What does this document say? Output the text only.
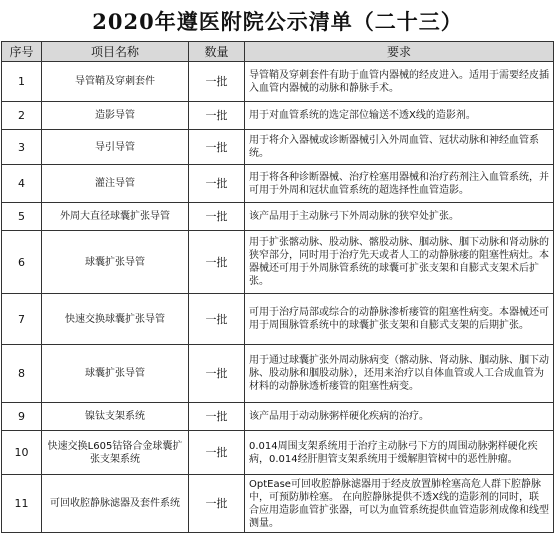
2020年遵医附院公示清单（二十三）
序号	项目名称	数量	要求
1	导管鞘及穿刺套件	一批	导管鞘及穿刺套件有助于血管内器械的经皮进入。适用于需要经皮插入血管内器械的动脉和静脉手术。
2	造影导管	一批	用于对血管系统的选定部位输送不透X线的造影剂。
3	导引导管	一批	用于将介入器械或诊断器械引入外周血管、冠状动脉和神经血管系统。
4	灌注导管	一批	用于将各种诊断器械、治疗栓塞用器械和治疗药剂注入血管系统，并可用于外周和冠状血管系统的超选择性血管造影。
5	外周大直径球囊扩张导管	一批	该产品用于主动脉弓下外周动脉的狭窄处扩张。
6	球囊扩张导管	一批	用于扩张髂动脉、股动脉、髂股动脉、腘动脉、腘下动脉和肾动脉的狭窄部分，同时用于治疗先天或者人工的动静脉瘘的阻塞性病灶。本器械还可用于外周脉管系统的球囊可扩张支架和自膨式支架术后扩张。
7	快速交换球囊扩张导管	一批	可用于治疗局部或综合的动静脉渗析瘘管的阻塞性病变。本器械还可用于周围脉管系统中的球囊扩张支架和自膨式支架的后期扩张。
8	球囊扩张导管	一批	用于通过球囊扩张外周动脉病变（髂动脉、肾动脉、腘动脉、腘下动脉、股动脉和腘股动脉），还用来治疗以自体血管或人工合成血管为材料的动静脉透析瘘管的阻塞性病变。
9	镍钛支架系统	一批	该产品用于动动脉粥样硬化疾病的治疗。
10	快速交换L605钴铬合金球囊扩张支架系统	一批	0.014周围支架系统用于治疗主动脉弓下方的周围动脉粥样硬化疾病，0.014经肝胆管支架系统用于缓解胆管树中的恶性肿瘤。
11	可回收腔静脉滤器及套件系统	一批	OptEase可回收腔静脉滤器用于经皮放置肺栓塞高危人群下腔静脉中，可预防肺栓塞。 在向腔静脉提供不透X线的造影剂的同时，联合应用造影血管扩张器，可以为血管系统提供血管造影剂成像和线型测量。
